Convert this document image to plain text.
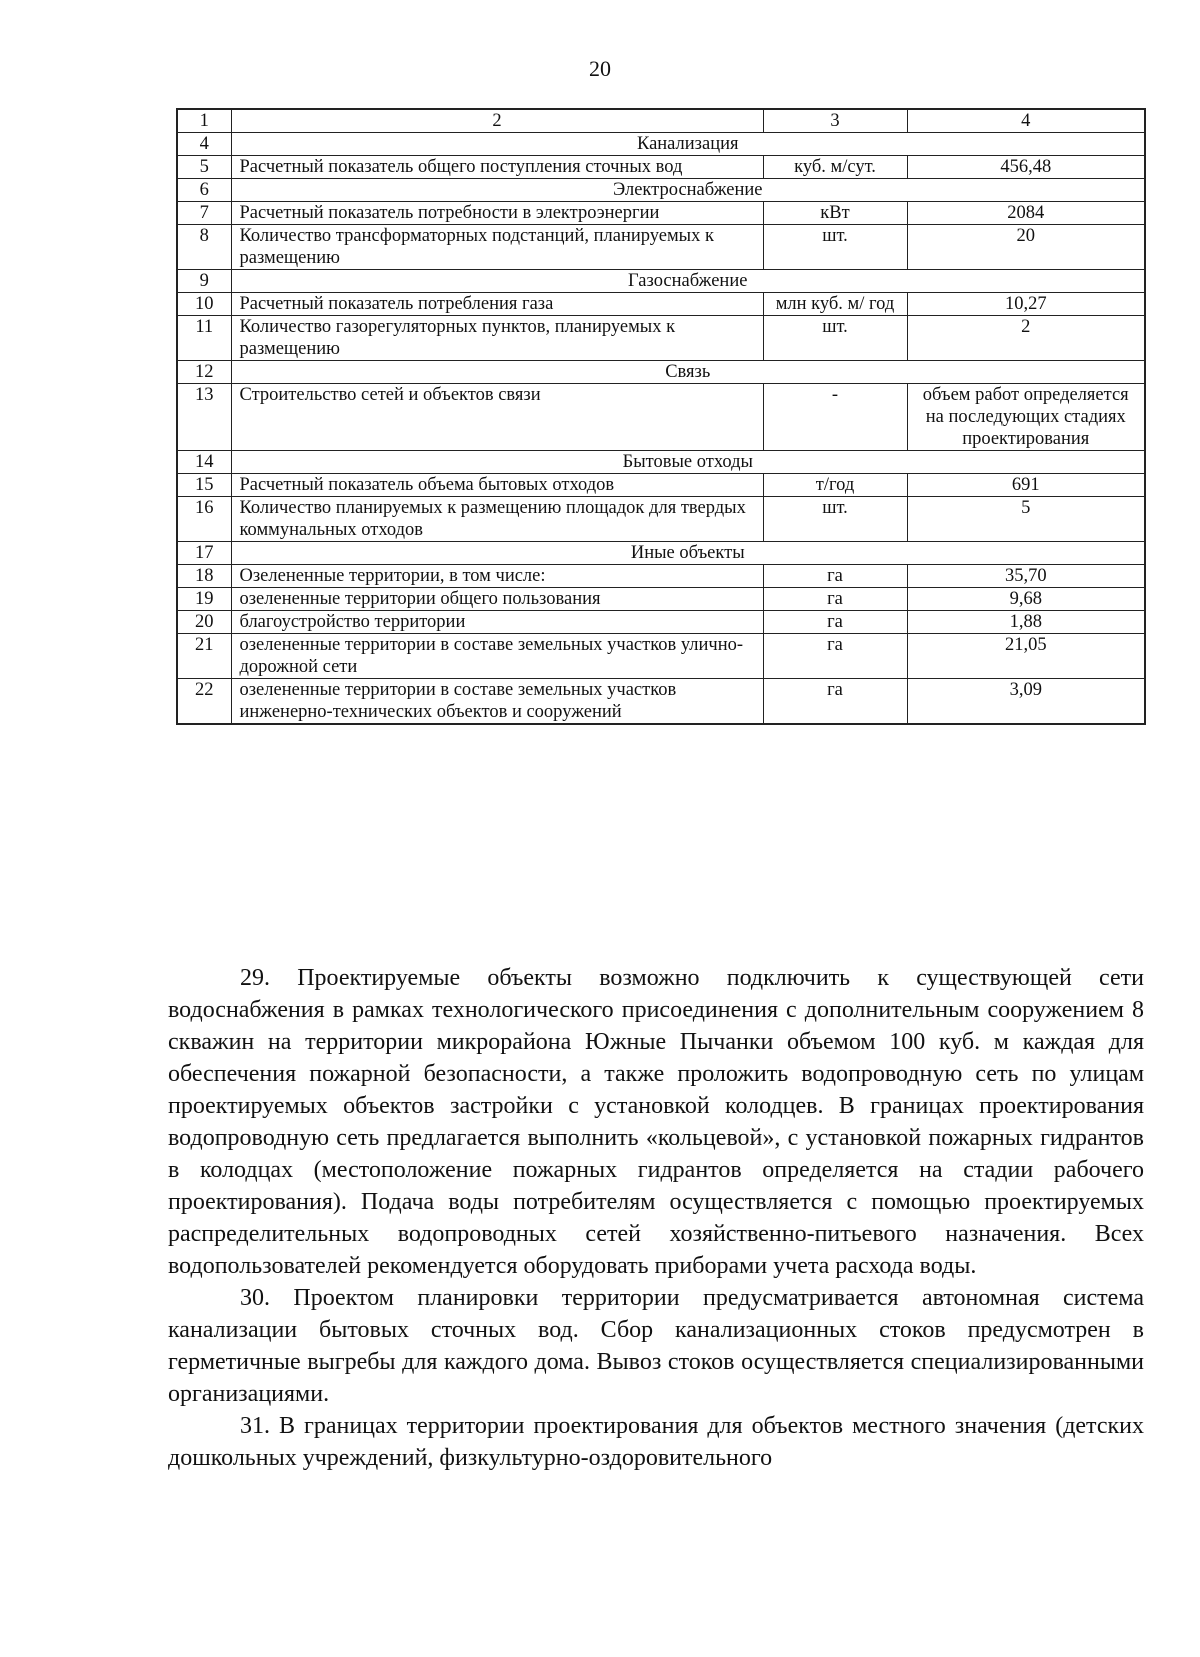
20
1	2	3	4
4	Канализация		
5	Расчетный показатель общего поступления сточных вод	куб. м/сут.	456,48
6	Электроснабжение		
7	Расчетный показатель потребности в электроэнергии	кВт	2084
8	Количество трансформаторных подстанций, планируемых к размещению	шт.	20
9	Газоснабжение		
10	Расчетный показатель потребления газа	млн куб. м/ год	10,27
11	Количество газорегуляторных пунктов, планируемых к размещению	шт.	2
12	Связь		
13	Строительство сетей и объектов связи	-	объем работ определяется на последующих стадиях проектирования
14	Бытовые отходы		
15	Расчетный показатель объема бытовых отходов	т/год	691
16	Количество планируемых к размещению площадок для твердых коммунальных отходов	шт.	5
17	Иные объекты		
18	Озелененные территории, в том числе:	га	35,70
19	озелененные территории общего пользования	га	9,68
20	благоустройство территории	га	1,88
21	озелененные территории в составе земельных участков улично-дорожной сети	га	21,05
22	озелененные территории в составе земельных участков инженерно-технических объектов и сооружений	га	3,09

29. Проектируемые объекты возможно подключить к существующей сети водоснабжения в рамках технологического присоединения с дополнительным сооружением 8 скважин на территории микрорайона Южные Пычанки объемом 100 куб. м каждая для обеспечения пожарной безопасности, а также проложить водопроводную сеть по улицам проектируемых объектов застройки с установкой колодцев. В границах проектирования водопроводную сеть предлагается выполнить «кольцевой», с установкой пожарных гидрантов в колодцах (местоположение пожарных гидрантов определяется на стадии рабочего проектирования). Подача воды потребителям осуществляется с помощью проектируемых распределительных водопроводных сетей хозяйственно-питьевого назначения. Всех водопользователей рекомендуется оборудовать приборами учета расхода воды.

30. Проектом планировки территории предусматривается автономная система канализации бытовых сточных вод. Сбор канализационных стоков предусмотрен в герметичные выгребы для каждого дома. Вывоз стоков осуществляется специализированными организациями.

31. В границах территории проектирования для объектов местного значения (детских дошкольных учреждений, физкультурно-оздоровительного
